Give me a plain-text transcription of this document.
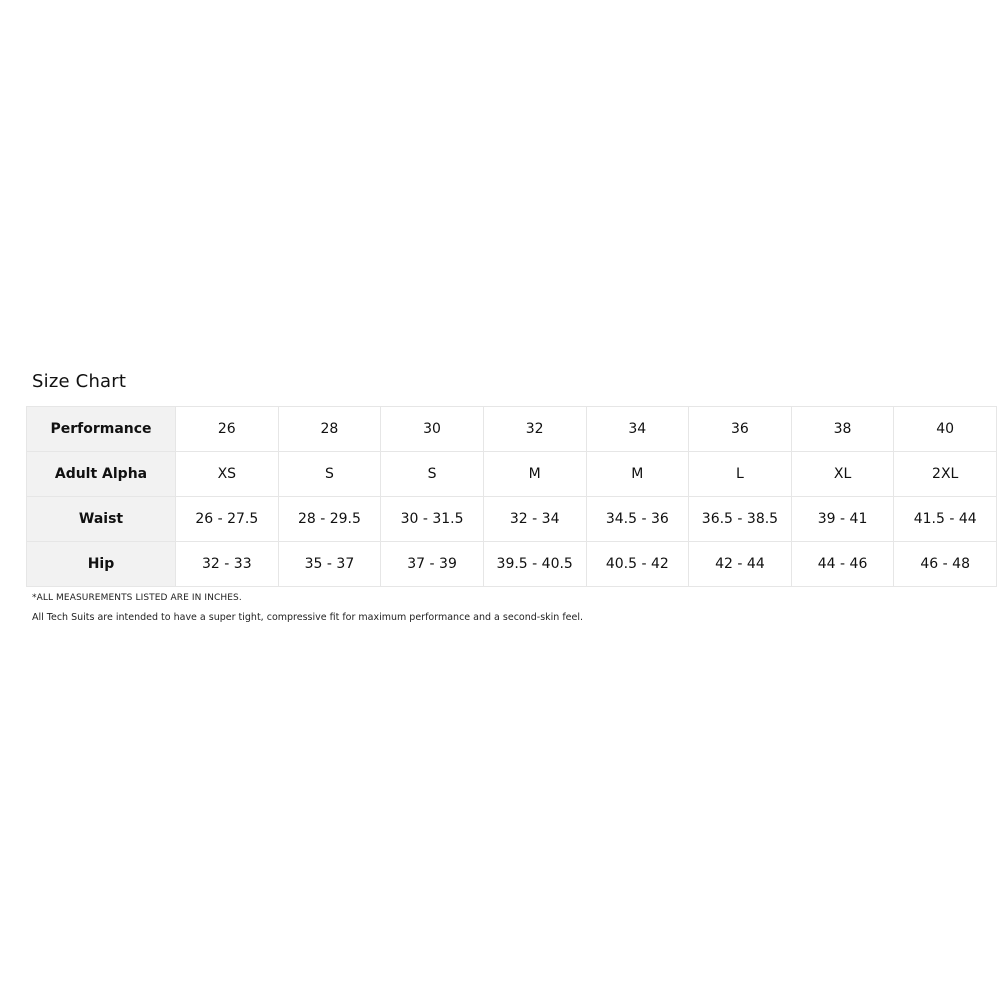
Size Chart
Performance	26	28	30	32	34	36	38	40
Adult Alpha	XS	S	S	M	M	L	XL	2XL
Waist	26 - 27.5	28 - 29.5	30 - 31.5	32 - 34	34.5 - 36	36.5 - 38.5	39 - 41	41.5 - 44
Hip	32 - 33	35 - 37	37 - 39	39.5 - 40.5	40.5 - 42	42 - 44	44 - 46	46 - 48

*ALL MEASUREMENTS LISTED ARE IN INCHES.

All Tech Suits are intended to have a super tight, compressive fit for maximum performance and a second-skin feel.
